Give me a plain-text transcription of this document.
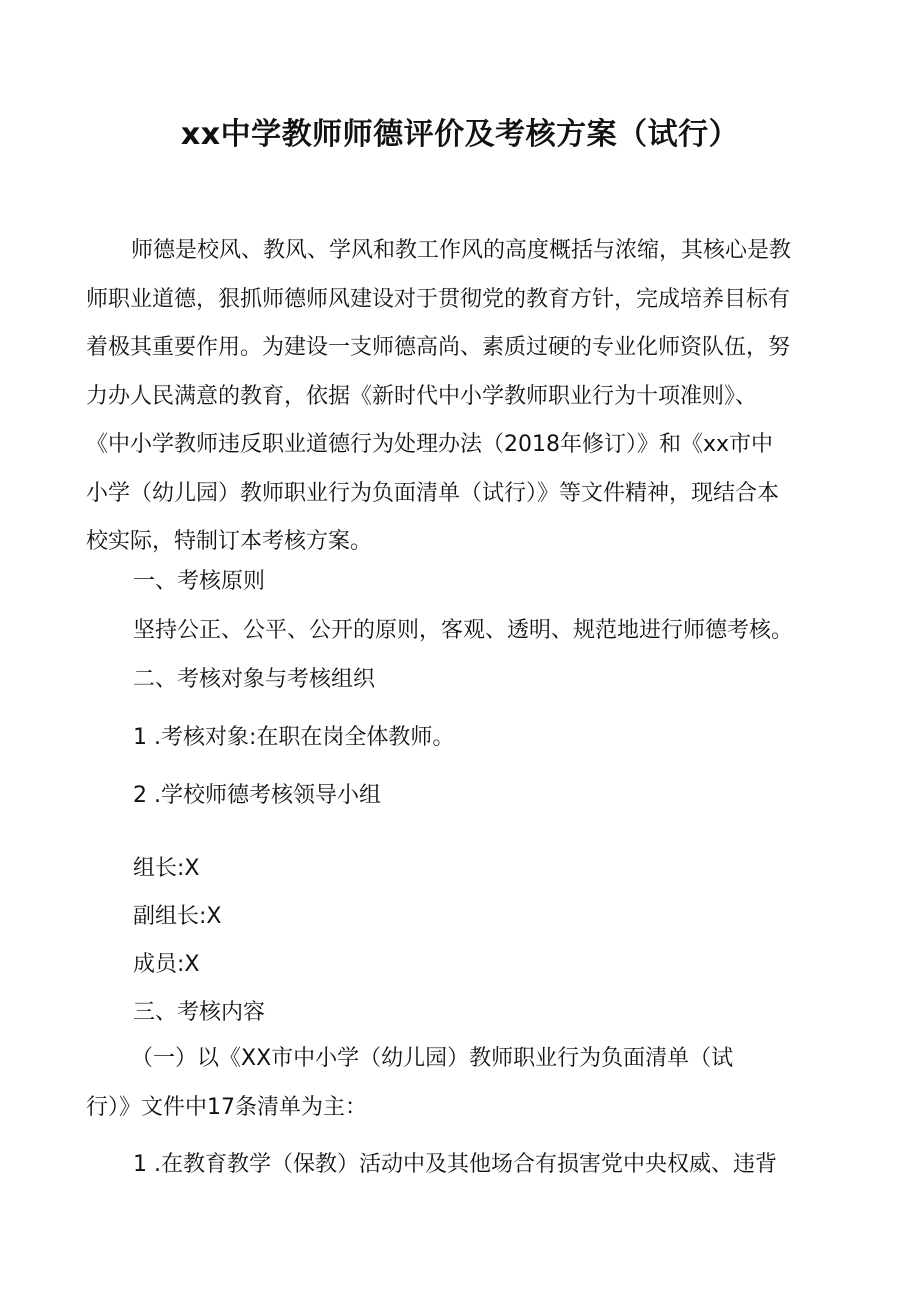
xx中学教师师德评价及考核方案（试行）
师德是校风、教风、学风和教工作风的高度概括与浓缩，其核心是教
师职业道德，狠抓师德师风建设对于贯彻党的教育方针，完成培养目标有
着极其重要作用。为建设一支师德高尚、素质过硬的专业化师资队伍，努
力办人民满意的教育，依据《新时代中小学教师职业行为十项准则》、
《中小学教师违反职业道德行为处理办法（2018年修订）》和《xx市中
小学（幼儿园）教师职业行为负面清单（试行）》等文件精神，现结合本
校实际，特制订本考核方案。
一、考核原则
坚持公正、公平、公开的原则，客观、透明、规范地进行师德考核。
二、考核对象与考核组织
1 .考核对象:在职在岗全体教师。
2 .学校师德考核领导小组
组长:X
副组长:X
成员:X
三、考核内容
（一）以《XX市中小学（幼儿园）教师职业行为负面清单（试
行）》文件中17条清单为主：
1 .在教育教学（保教）活动中及其他场合有损害党中央权威、违背
